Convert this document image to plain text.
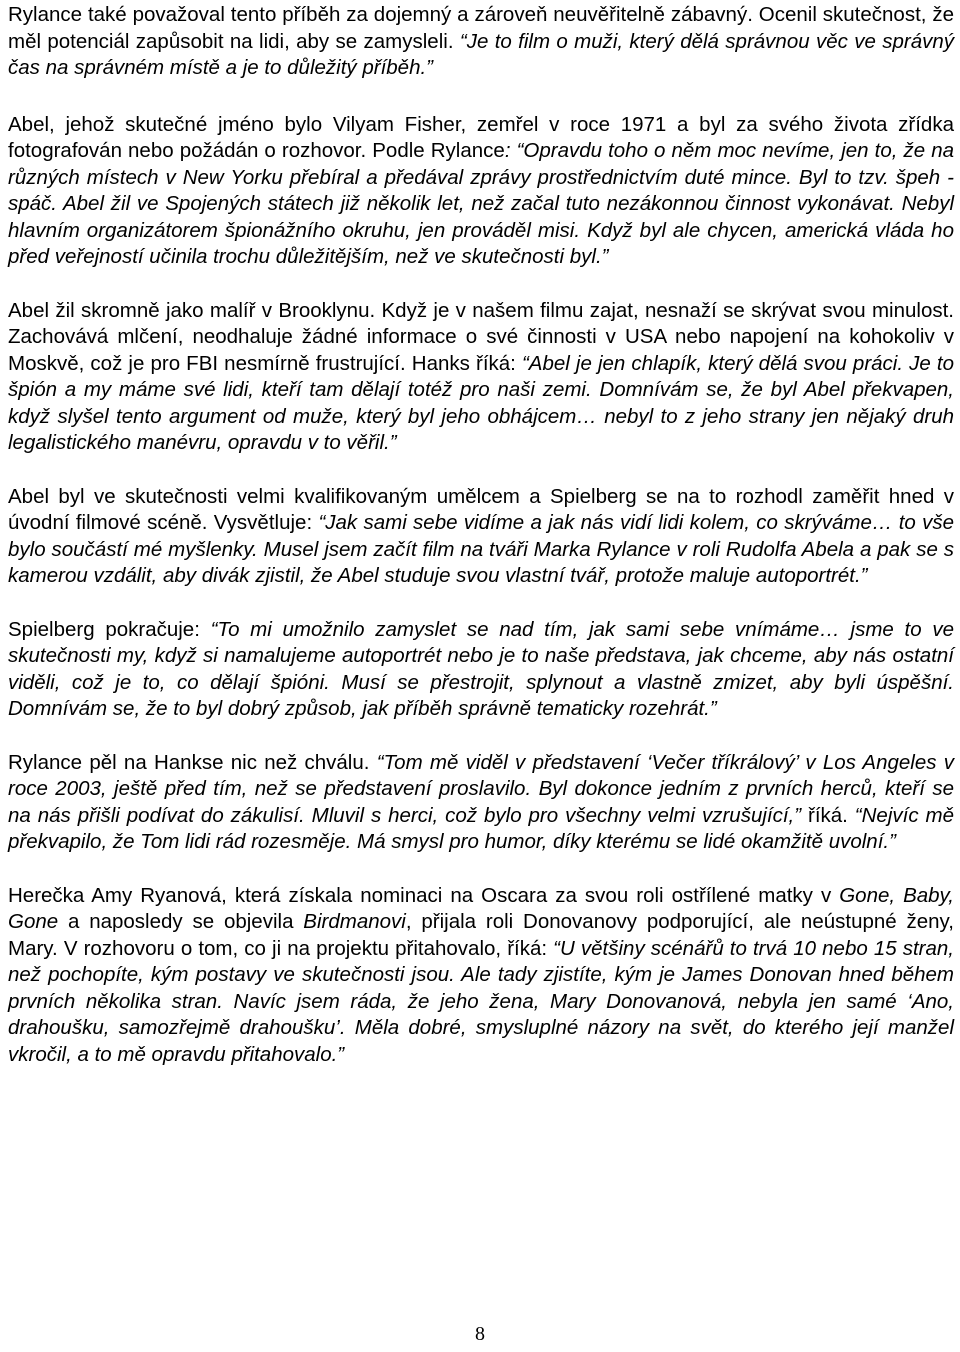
Rylance také považoval tento příběh za dojemný a zároveň neuvěřitelně zábavný. Ocenil skutečnost, že měl potenciál zapůsobit na lidi, aby se zamysleli. “Je to film o muži, který dělá správnou věc ve správný čas na správném místě a je to důležitý příběh.”

Abel, jehož skutečné jméno bylo Vilyam Fisher, zemřel v roce 1971 a byl za svého života zřídka fotografován nebo požádán o rozhovor. Podle Rylance: “Opravdu toho o něm moc nevíme, jen to, že na různých místech v New Yorku přebíral a předával zprávy prostřednictvím duté mince. Byl to tzv. špeh - spáč. Abel žil ve Spojených státech již několik let, než začal tuto nezákonnou činnost vykonávat. Nebyl hlavním organizátorem špionážního okruhu, jen prováděl misi. Když byl ale chycen, americká vláda ho před veřejností učinila trochu důležitějším, než ve skutečnosti byl.”

Abel žil skromně jako malíř v Brooklynu. Když je v našem filmu zajat, nesnaží se skrývat svou minulost. Zachovává mlčení, neodhaluje žádné informace o své činnosti v USA nebo napojení na kohokoliv v Moskvě, což je pro FBI nesmírně frustrující. Hanks říká: “Abel je jen chlapík, který dělá svou práci. Je to špión a my máme své lidi, kteří tam dělají totéž pro naši zemi. Domnívám se, že byl Abel překvapen, když slyšel tento argument od muže, který byl jeho obhájcem… nebyl to z jeho strany jen nějaký druh legalistického manévru, opravdu v to věřil.”

Abel byl ve skutečnosti velmi kvalifikovaným umělcem a Spielberg se na to rozhodl zaměřit hned v úvodní filmové scéně. Vysvětluje: “Jak sami sebe vidíme a jak nás vidí lidi kolem, co skrýváme… to vše bylo součástí mé myšlenky. Musel jsem začít film na tváři Marka Rylance v roli Rudolfa Abela a pak se s kamerou vzdálit, aby divák zjistil, že Abel studuje svou vlastní tvář, protože maluje autoportrét.”

Spielberg pokračuje: “To mi umožnilo zamyslet se nad tím, jak sami sebe vnímáme… jsme to ve skutečnosti my, když si namalujeme autoportrét nebo je to naše představa, jak chceme, aby nás ostatní viděli, což je to, co dělají špióni. Musí se přestrojit, splynout a vlastně zmizet, aby byli úspěšní. Domnívám se, že to byl dobrý způsob, jak příběh správně tematicky rozehrát.”

Rylance pěl na Hankse nic než chválu. “Tom mě viděl v představení ‘Večer tříkrálový’ v Los Angeles v roce 2003, ještě před tím, než se představení proslavilo. Byl dokonce jedním z prvních herců, kteří se na nás přišli podívat do zákulisí. Mluvil s herci, což bylo pro všechny velmi vzrušující,” říká. “Nejvíc mě překvapilo, že Tom lidi rád rozesměje. Má smysl pro humor, díky kterému se lidé okamžitě uvolní.”

Herečka Amy Ryanová, která získala nominaci na Oscara za svou roli ostřílené matky v Gone, Baby, Gone a naposledy se objevila Birdmanovi, přijala roli Donovanovy podporující, ale neústupné ženy, Mary. V rozhovoru o tom, co ji na projektu přitahovalo, říká: “U většiny scénářů to trvá 10 nebo 15 stran, než pochopíte, kým postavy ve skutečnosti jsou. Ale tady zjistíte, kým je James Donovan hned během prvních několika stran. Navíc jsem ráda, že jeho žena, Mary Donovanová, nebyla jen samé ‘Ano, drahoušku, samozřejmě drahoušku’. Měla dobré, smysluplné názory na svět, do kterého její manžel vkročil, a to mě opravdu přitahovalo.”

8
